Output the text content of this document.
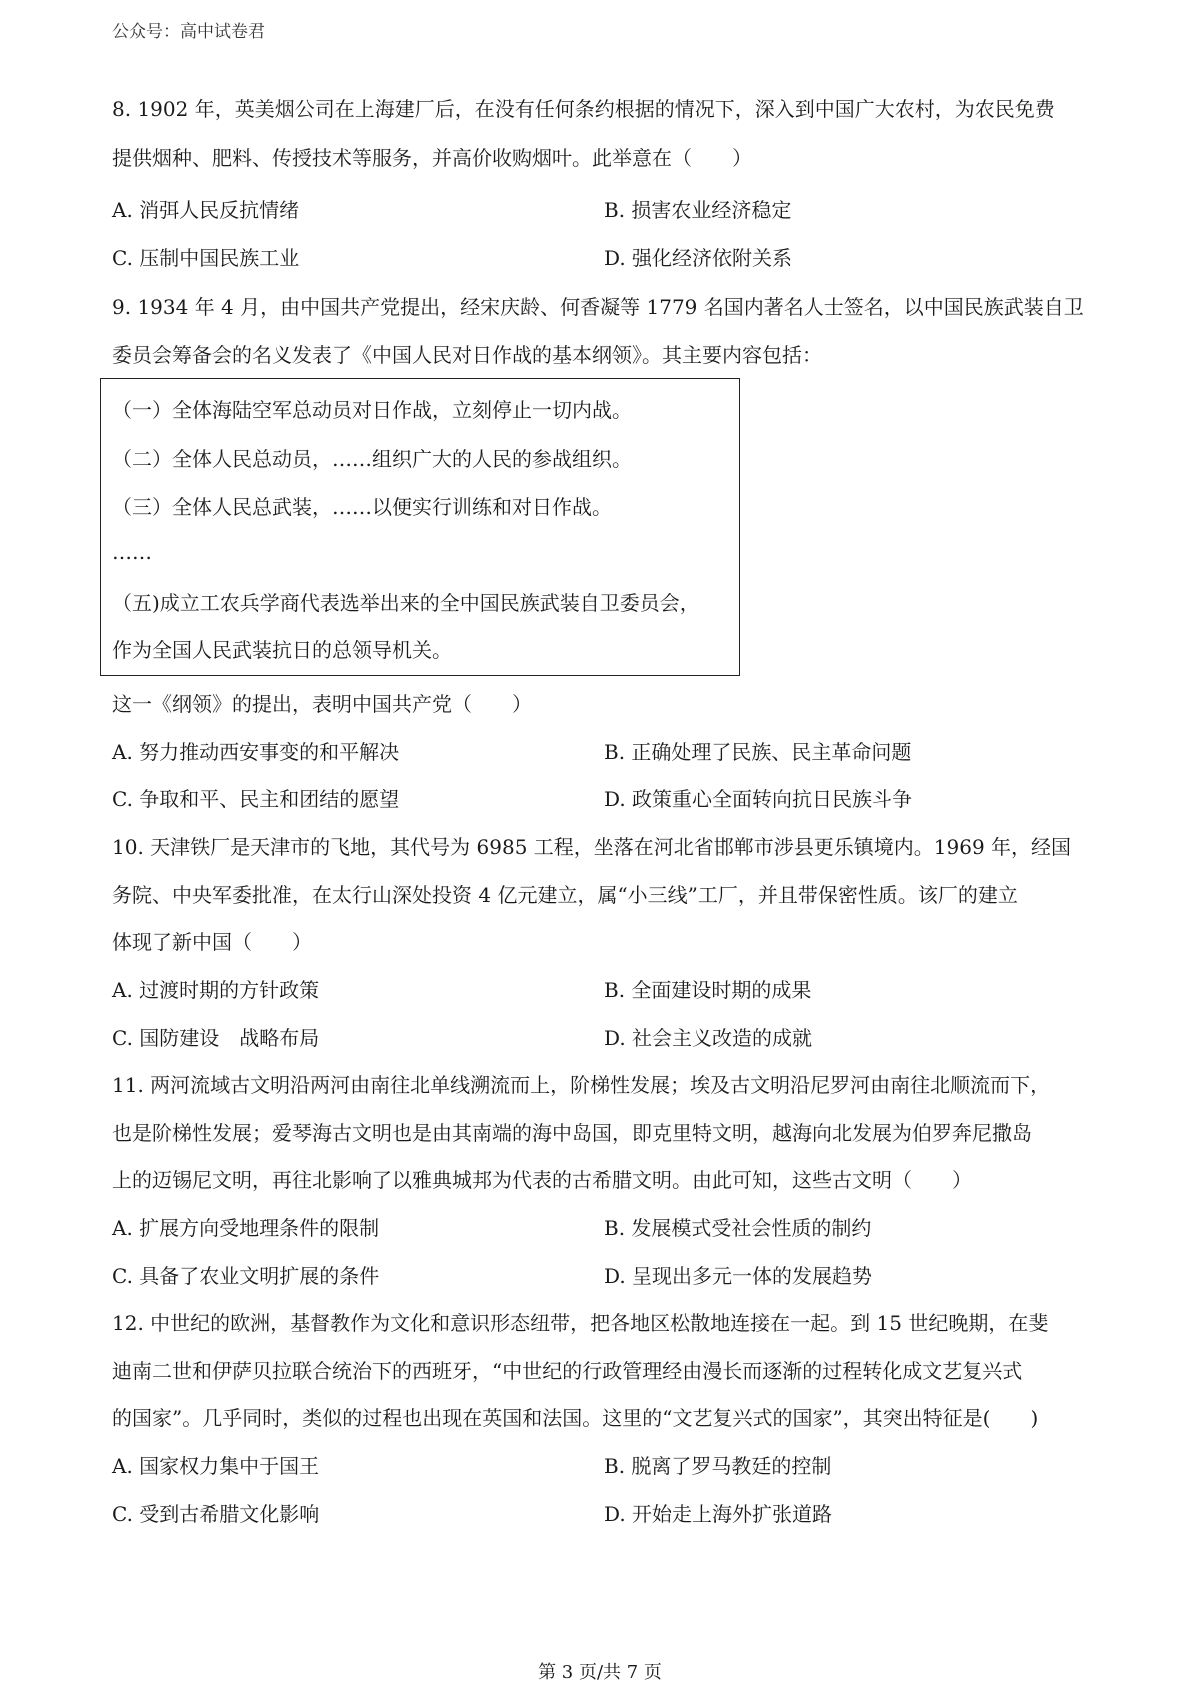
公众号：高中试卷君
8. 1902 年，英美烟公司在上海建厂后，在没有任何条约根据的情况下，深入到中国广大农村，为农民免费
提供烟种、肥料、传授技术等服务，并高价收购烟叶。此举意在（　　）
A. 消弭人民反抗情绪	B. 损害农业经济稳定
C. 压制中国民族工业	D. 强化经济依附关系
9. 1934 年 4 月，由中国共产党提出，经宋庆龄、何香凝等 1779 名国内著名人士签名，以中国民族武装自卫
委员会筹备会的名义发表了《中国人民对日作战的基本纲领》。其主要内容包括：
（一）全体海陆空军总动员对日作战，立刻停止一切内战。
（二）全体人民总动员，……组织广大的人民的参战组织。
（三）全体人民总武装，……以便实行训练和对日作战。
……
（五)成立工农兵学商代表选举出来的全中国民族武装自卫委员会，
作为全国人民武装抗日的总领导机关。
这一《纲领》的提出，表明中国共产党（　　）
A. 努力推动西安事变的和平解决	B. 正确处理了民族、民主革命问题
C. 争取和平、民主和团结的愿望	D. 政策重心全面转向抗日民族斗争
10. 天津铁厂是天津市的飞地，其代号为 6985 工程，坐落在河北省邯郸市涉县更乐镇境内。1969 年，经国
务院、中央军委批准，在太行山深处投资 4 亿元建立，属“小三线”工厂，并且带保密性质。该厂的建立
体现了新中国（　　）
A. 过渡时期的方针政策	B. 全面建设时期的成果
C. 国防建设　战略布局	D. 社会主义改造的成就
11. 两河流域古文明沿两河由南往北单线溯流而上，阶梯性发展；埃及古文明沿尼罗河由南往北顺流而下，
也是阶梯性发展；爱琴海古文明也是由其南端的海中岛国，即克里特文明，越海向北发展为伯罗奔尼撒岛
上的迈锡尼文明，再往北影响了以雅典城邦为代表的古希腊文明。由此可知，这些古文明（　　）
A. 扩展方向受地理条件的限制	B. 发展模式受社会性质的制约
C. 具备了农业文明扩展的条件	D. 呈现出多元一体的发展趋势
12. 中世纪的欧洲，基督教作为文化和意识形态纽带，把各地区松散地连接在一起。到 15 世纪晚期，在斐
迪南二世和伊萨贝拉联合统治下的西班牙，“中世纪的行政管理经由漫长而逐渐的过程转化成文艺复兴式
的国家”。几乎同时，类似的过程也出现在英国和法国。这里的“文艺复兴式的国家”，其突出特征是(　　)
A. 国家权力集中于国王	B. 脱离了罗马教廷的控制
C. 受到古希腊文化影响	D. 开始走上海外扩张道路
第 3 页/共 7 页
